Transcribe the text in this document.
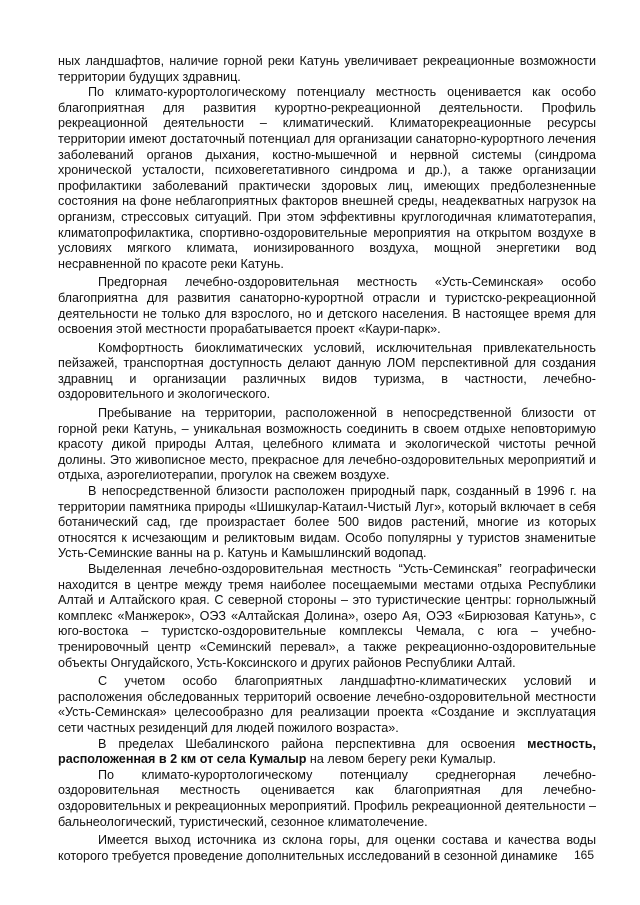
ных ландшафтов, наличие горной реки Катунь увеличивает рекреационные возможности территории будущих здравниц.

По климато-курортологическому потенциалу местность оценивается как особо благоприятная для развития курортно-рекреационной деятельности. Профиль рекреационной деятельности – климатический. Климаторекреационные ресурсы территории имеют достаточный потенциал для организации санаторно-курортного лечения заболеваний органов дыхания, костно-мышечной и нервной системы (синдрома хронической усталости, психовегетативного синдрома и др.), а также организации профилактики заболеваний практически здоровых лиц, имеющих предболезненные состояния на фоне неблагоприятных факторов внешней среды, неадекватных нагрузок на организм, стрессовых ситуаций. При этом эффективны круглогодичная климатотерапия, климатопрофилактика, спортивно-оздоровительные мероприятия на открытом воздухе в условиях мягкого климата, ионизированного воздуха, мощной энергетики вод несравненной по красоте реки Катунь.

Предгорная лечебно-оздоровительная местность «Усть-Семинская» особо благоприятна для развития санаторно-курортной отрасли и туристско-рекреационной деятельности не только для взрослого, но и детского населения. В настоящее время для освоения этой местности прорабатывается проект «Каури-парк».

Комфортность биоклиматических условий, исключительная привлекательность пейзажей, транспортная доступность делают данную ЛОМ перспективной для создания здравниц и организации различных видов туризма, в частности, лечебно-оздоровительного и экологического.

Пребывание на территории, расположенной в непосредственной близости от горной реки Катунь, – уникальная возможность соединить в своем отдыхе неповторимую красоту дикой природы Алтая, целебного климата и экологической чистоты речной долины. Это живописное место, прекрасное для лечебно-оздоровительных мероприятий и отдыха, аэрогелиотерапии, прогулок на свежем воздухе.

В непосредственной близости расположен природный парк, созданный в 1996 г. на территории памятника природы «Шишкулар-Катаил-Чистый Луг», который включает в себя ботанический сад, где произрастает более 500 видов растений, многие из которых относятся к исчезающим и реликтовым видам. Особо популярны у туристов знаменитые Усть-Семинские ванны на р. Катунь и Камышлинский водопад.

Выделенная лечебно-оздоровительная местность “Усть-Семинская” географически находится в центре между тремя наиболее посещаемыми местами отдыха Республики Алтай и Алтайского края. С северной стороны – это туристические центры: горнолыжный комплекс «Манжерок», ОЭЗ «Алтайская Долина», озеро Ая, ОЭЗ «Бирюзовая Катунь», с юго-востока – туристско-оздоровительные комплексы Чемала, с юга – учебно-тренировочный центр «Семинский перевал», а также рекреационно-оздоровительные объекты Онгудайского, Усть-Коксинского и других районов Республики Алтай.

С учетом особо благоприятных ландшафтно-климатических условий и расположения обследованных территорий освоение лечебно-оздоровительной местности «Усть-Семинская» целесообразно для реализации проекта «Создание и эксплуатация сети частных резиденций для людей пожилого возраста».

В пределах Шебалинского района перспективна для освоения местность, расположенная в 2 км от села Кумалыр на левом берегу реки Кумалыр.

По климато-курортологическому потенциалу среднегорная лечебно-оздоровительная местность оценивается как благоприятная для лечебно-оздоровительных и рекреационных мероприятий. Профиль рекреационной деятельности – бальнеологический, туристический, сезонное климатолечение.

Имеется выход источника из склона горы, для оценки состава и качества воды которого требуется проведение дополнительных исследований в сезонной динамике	165
